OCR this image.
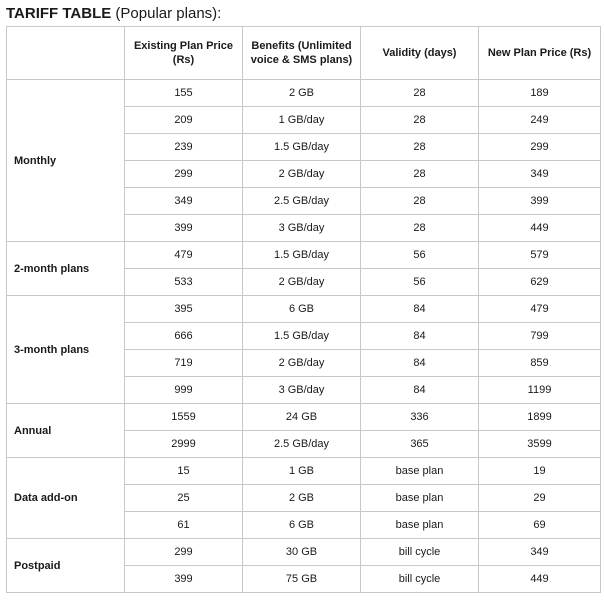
TARIFF TABLE (Popular plans):
	Existing Plan Price (Rs)	Benefits (Unlimited voice & SMS plans)	Validity (days)	New Plan Price (Rs)
Monthly	155	2 GB	28	189
	209	1 GB/day	28	249
	239	1.5 GB/day	28	299
	299	2 GB/day	28	349
	349	2.5 GB/day	28	399
	399	3 GB/day	28	449
2-month plans	479	1.5 GB/day	56	579
	533	2 GB/day	56	629
3-month plans	395	6 GB	84	479
	666	1.5 GB/day	84	799
	719	2 GB/day	84	859
	999	3 GB/day	84	1199
Annual	1559	24 GB	336	1899
	2999	2.5 GB/day	365	3599
Data add-on	15	1 GB	base plan	19
	25	2 GB	base plan	29
	61	6 GB	base plan	69
Postpaid	299	30 GB	bill cycle	349
	399	75 GB	bill cycle	449
